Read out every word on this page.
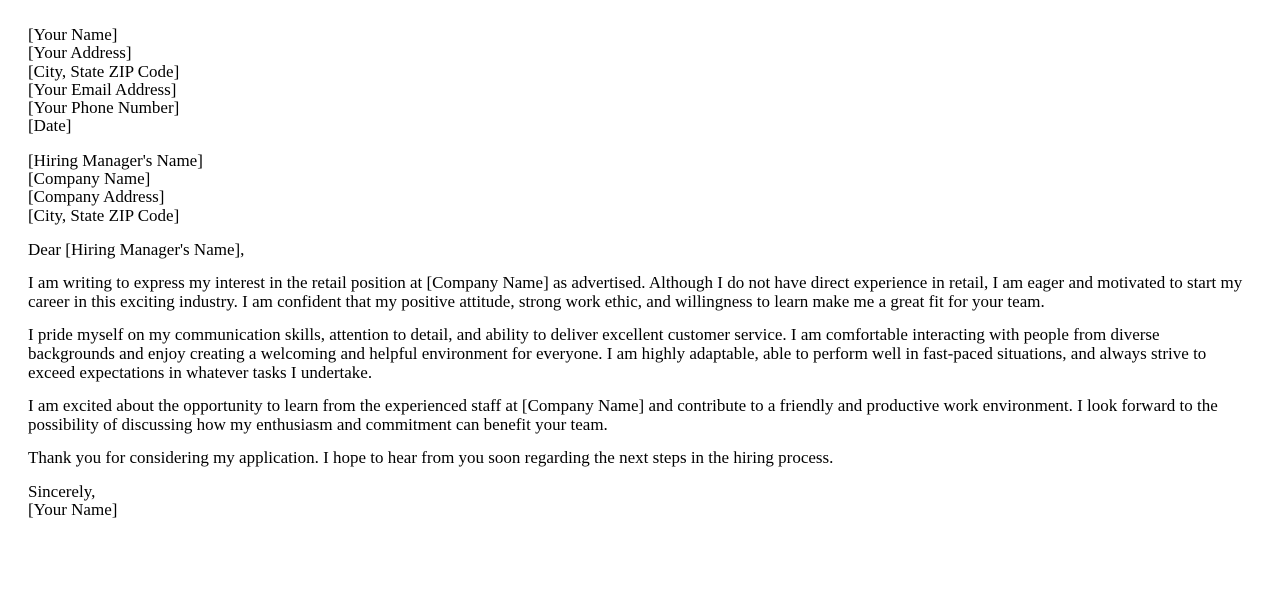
[Your Name]
[Your Address]
[City, State ZIP Code]
[Your Email Address]
[Your Phone Number]
[Date]
[Hiring Manager's Name]
[Company Name]
[Company Address]
[City, State ZIP Code]
Dear [Hiring Manager's Name],

I am writing to express my interest in the retail position at [Company Name] as advertised. Although I do not have direct experience in retail, I am eager and motivated to start my career in this exciting industry. I am confident that my positive attitude, strong work ethic, and willingness to learn make me a great fit for your team.

I pride myself on my communication skills, attention to detail, and ability to deliver excellent customer service. I am comfortable interacting with people from diverse backgrounds and enjoy creating a welcoming and helpful environment for everyone. I am highly adaptable, able to perform well in fast-paced situations, and always strive to exceed expectations in whatever tasks I undertake.

I am excited about the opportunity to learn from the experienced staff at [Company Name] and contribute to a friendly and productive work environment. I look forward to the possibility of discussing how my enthusiasm and commitment can benefit your team.

Thank you for considering my application. I hope to hear from you soon regarding the next steps in the hiring process.

Sincerely,
[Your Name]
